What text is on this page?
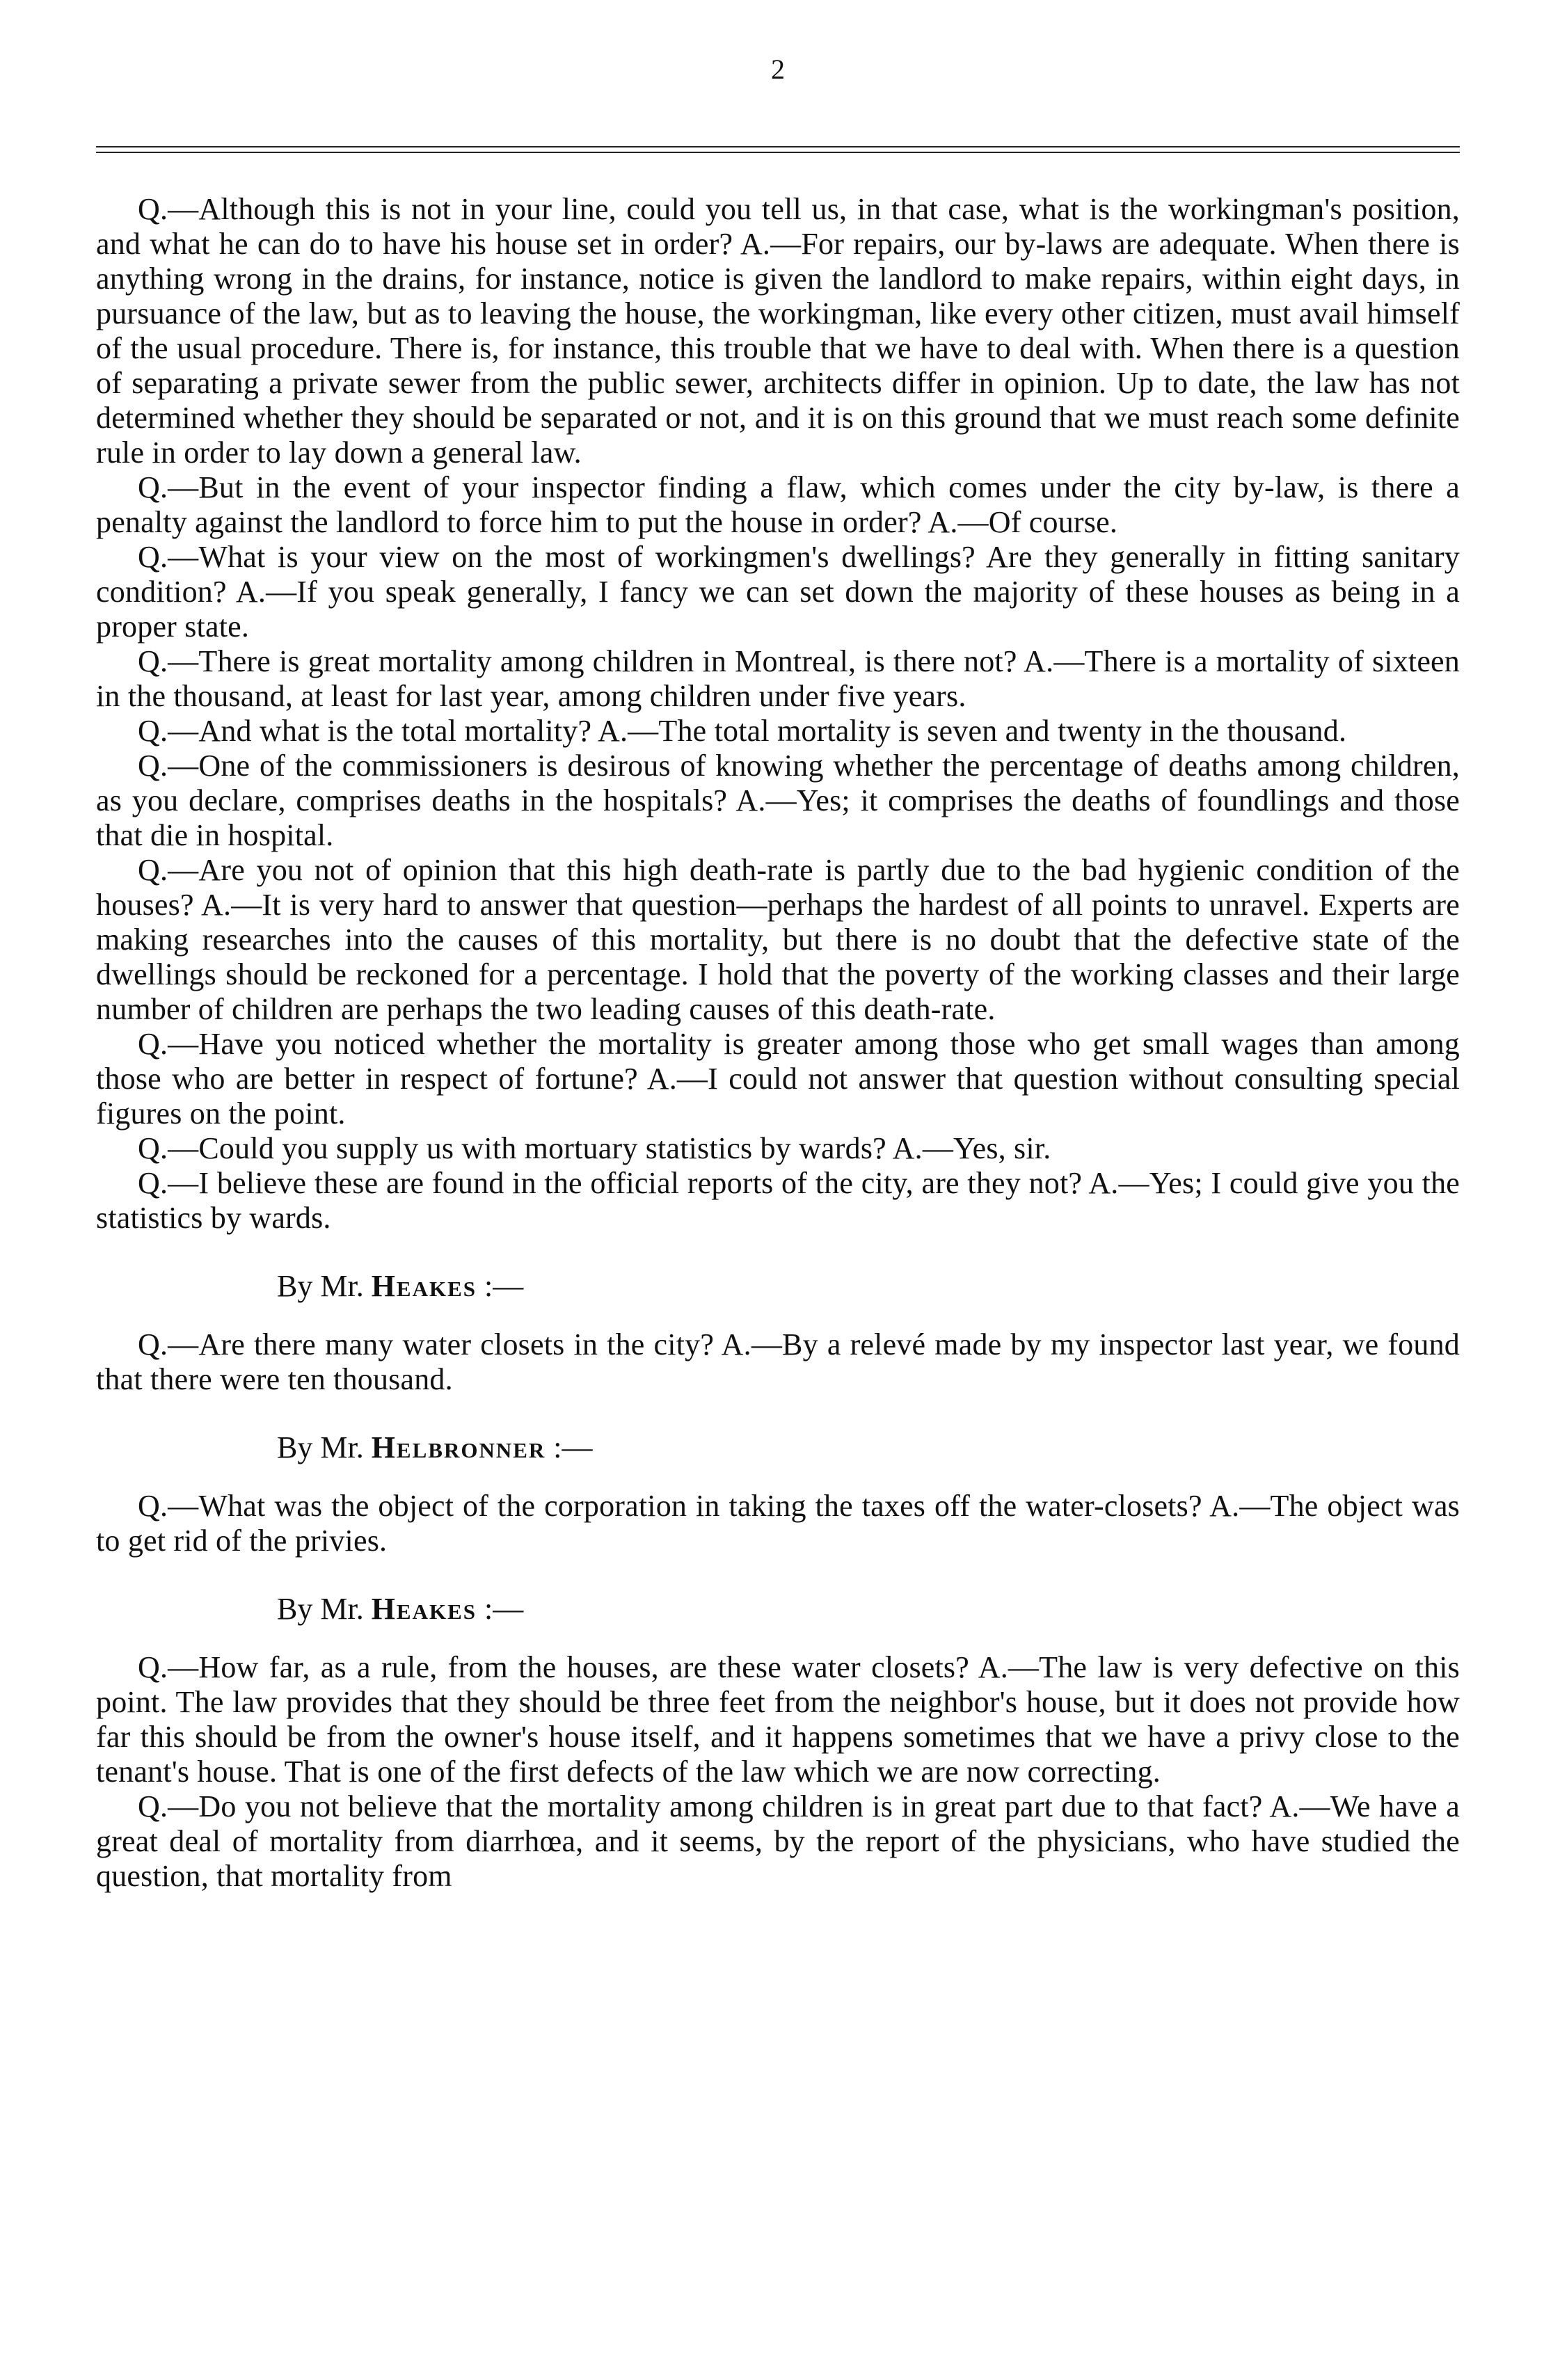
2

Q.—Although this is not in your line, could you tell us, in that case, what is the workingman's position, and what he can do to have his house set in order? A.—For repairs, our by-laws are adequate. When there is anything wrong in the drains, for instance, notice is given the landlord to make repairs, within eight days, in pursuance of the law, but as to leaving the house, the workingman, like every other citizen, must avail himself of the usual procedure. There is, for instance, this trouble that we have to deal with. When there is a question of separating a private sewer from the public sewer, architects differ in opinion. Up to date, the law has not determined whether they should be separated or not, and it is on this ground that we must reach some definite rule in order to lay down a general law.

Q.—But in the event of your inspector finding a flaw, which comes under the city by-law, is there a penalty against the landlord to force him to put the house in order? A.—Of course.

Q.—What is your view on the most of workingmen's dwellings? Are they generally in fitting sanitary condition? A.—If you speak generally, I fancy we can set down the majority of these houses as being in a proper state.

Q.—There is great mortality among children in Montreal, is there not? A.—There is a mortality of sixteen in the thousand, at least for last year, among children under five years.

Q.—And what is the total mortality? A.—The total mortality is seven and twenty in the thousand.

Q.—One of the commissioners is desirous of knowing whether the percentage of deaths among children, as you declare, comprises deaths in the hospitals? A.—Yes; it comprises the deaths of foundlings and those that die in hospital.

Q.—Are you not of opinion that this high death-rate is partly due to the bad hygienic condition of the houses? A.—It is very hard to answer that question—perhaps the hardest of all points to unravel. Experts are making researches into the causes of this mortality, but there is no doubt that the defective state of the dwellings should be reckoned for a percentage. I hold that the poverty of the working classes and their large number of children are perhaps the two leading causes of this death-rate.

Q.—Have you noticed whether the mortality is greater among those who get small wages than among those who are better in respect of fortune? A.—I could not answer that question without consulting special figures on the point.

Q.—Could you supply us with mortuary statistics by wards? A.—Yes, sir.

Q.—I believe these are found in the official reports of the city, are they not? A.—Yes; I could give you the statistics by wards.

By Mr. Heakes :—

Q.—Are there many water closets in the city? A.—By a relevé made by my inspector last year, we found that there were ten thousand.

By Mr. Helbronner :—

Q.—What was the object of the corporation in taking the taxes off the water-closets? A.—The object was to get rid of the privies.

By Mr. Heakes :—

Q.—How far, as a rule, from the houses, are these water closets? A.—The law is very defective on this point. The law provides that they should be three feet from the neighbor's house, but it does not provide how far this should be from the owner's house itself, and it happens sometimes that we have a privy close to the tenant's house. That is one of the first defects of the law which we are now correcting.

Q.—Do you not believe that the mortality among children is in great part due to that fact? A.—We have a great deal of mortality from diarrhœa, and it seems, by the report of the physicians, who have studied the question, that mortality from
